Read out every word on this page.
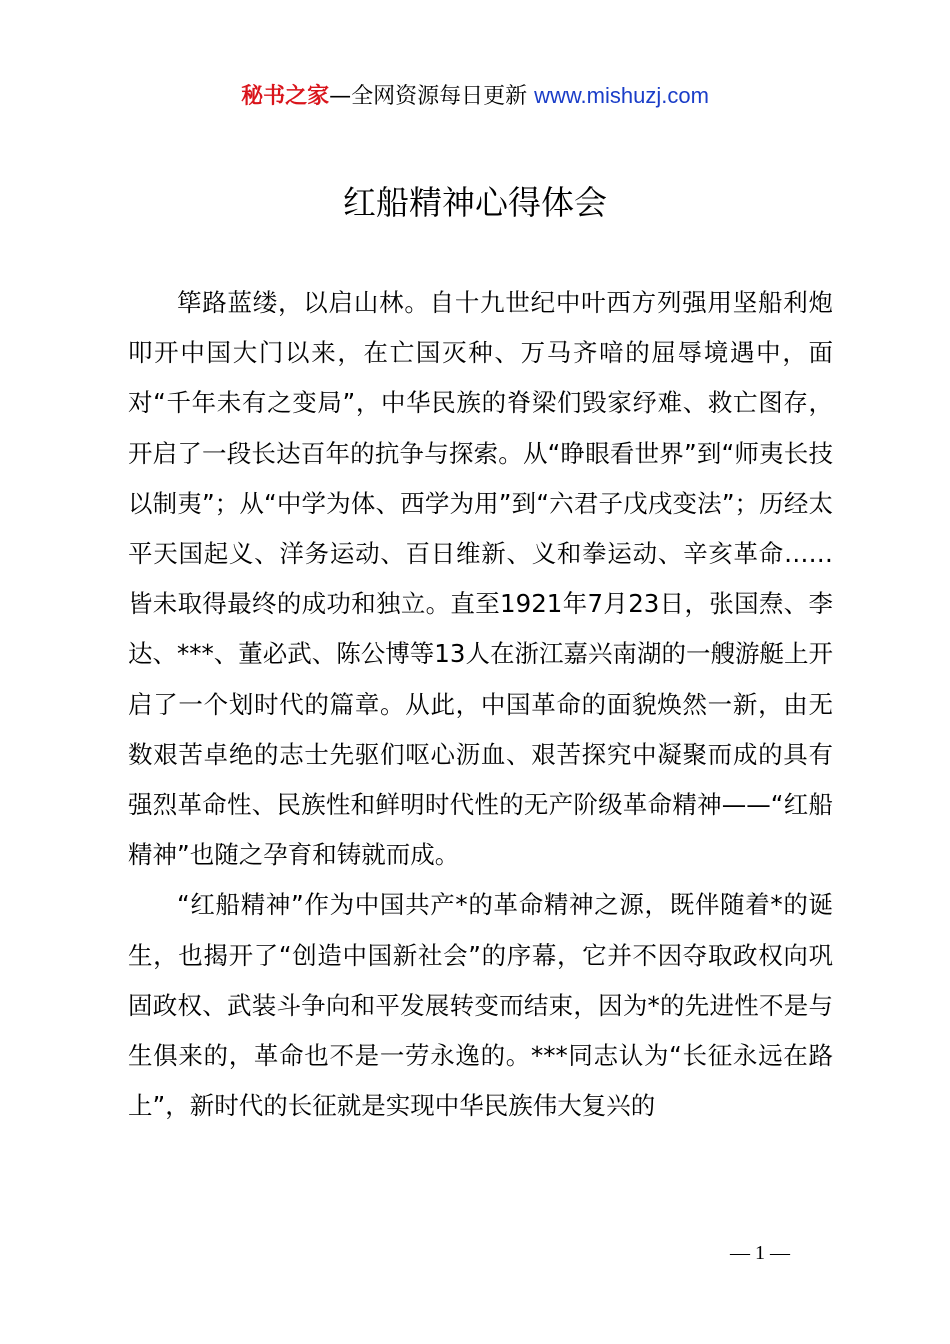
秘书之家—全网资源每日更新 www.mishuzj.com
红船精神心得体会

筚路蓝缕，以启山林。自十九世纪中叶西方列强用坚船利炮叩开中国大门以来，在亡国灭种、万马齐喑的屈辱境遇中，面对“千年未有之变局”，中华民族的脊梁们毁家纾难、救亡图存，开启了一段长达百年的抗争与探索。从“睁眼看世界”到“师夷长技以制夷”；从“中学为体、西学为用”到“六君子戊戌变法”；历经太平天国起义、洋务运动、百日维新、义和拳运动、辛亥革命……皆未取得最终的成功和独立。直至1921年7月23日，张国焘、李达、***、董必武、陈公博等13人在浙江嘉兴南湖的一艘游艇上开启了一个划时代的篇章。从此，中国革命的面貌焕然一新，由无数艰苦卓绝的志士先驱们呕心沥血、艰苦探究中凝聚而成的具有强烈革命性、民族性和鲜明时代性的无产阶级革命精神——“红船精神”也随之孕育和铸就而成。

“红船精神”作为中国共产*的革命精神之源，既伴随着*的诞生，也揭开了“创造中国新社会”的序幕，它并不因夺取政权向巩固政权、武装斗争向和平发展转变而结束，因为*的先进性不是与生俱来的，革命也不是一劳永逸的。***同志认为“长征永远在路上”，新时代的长征就是实现中华民族伟大复兴的

— 1 —
